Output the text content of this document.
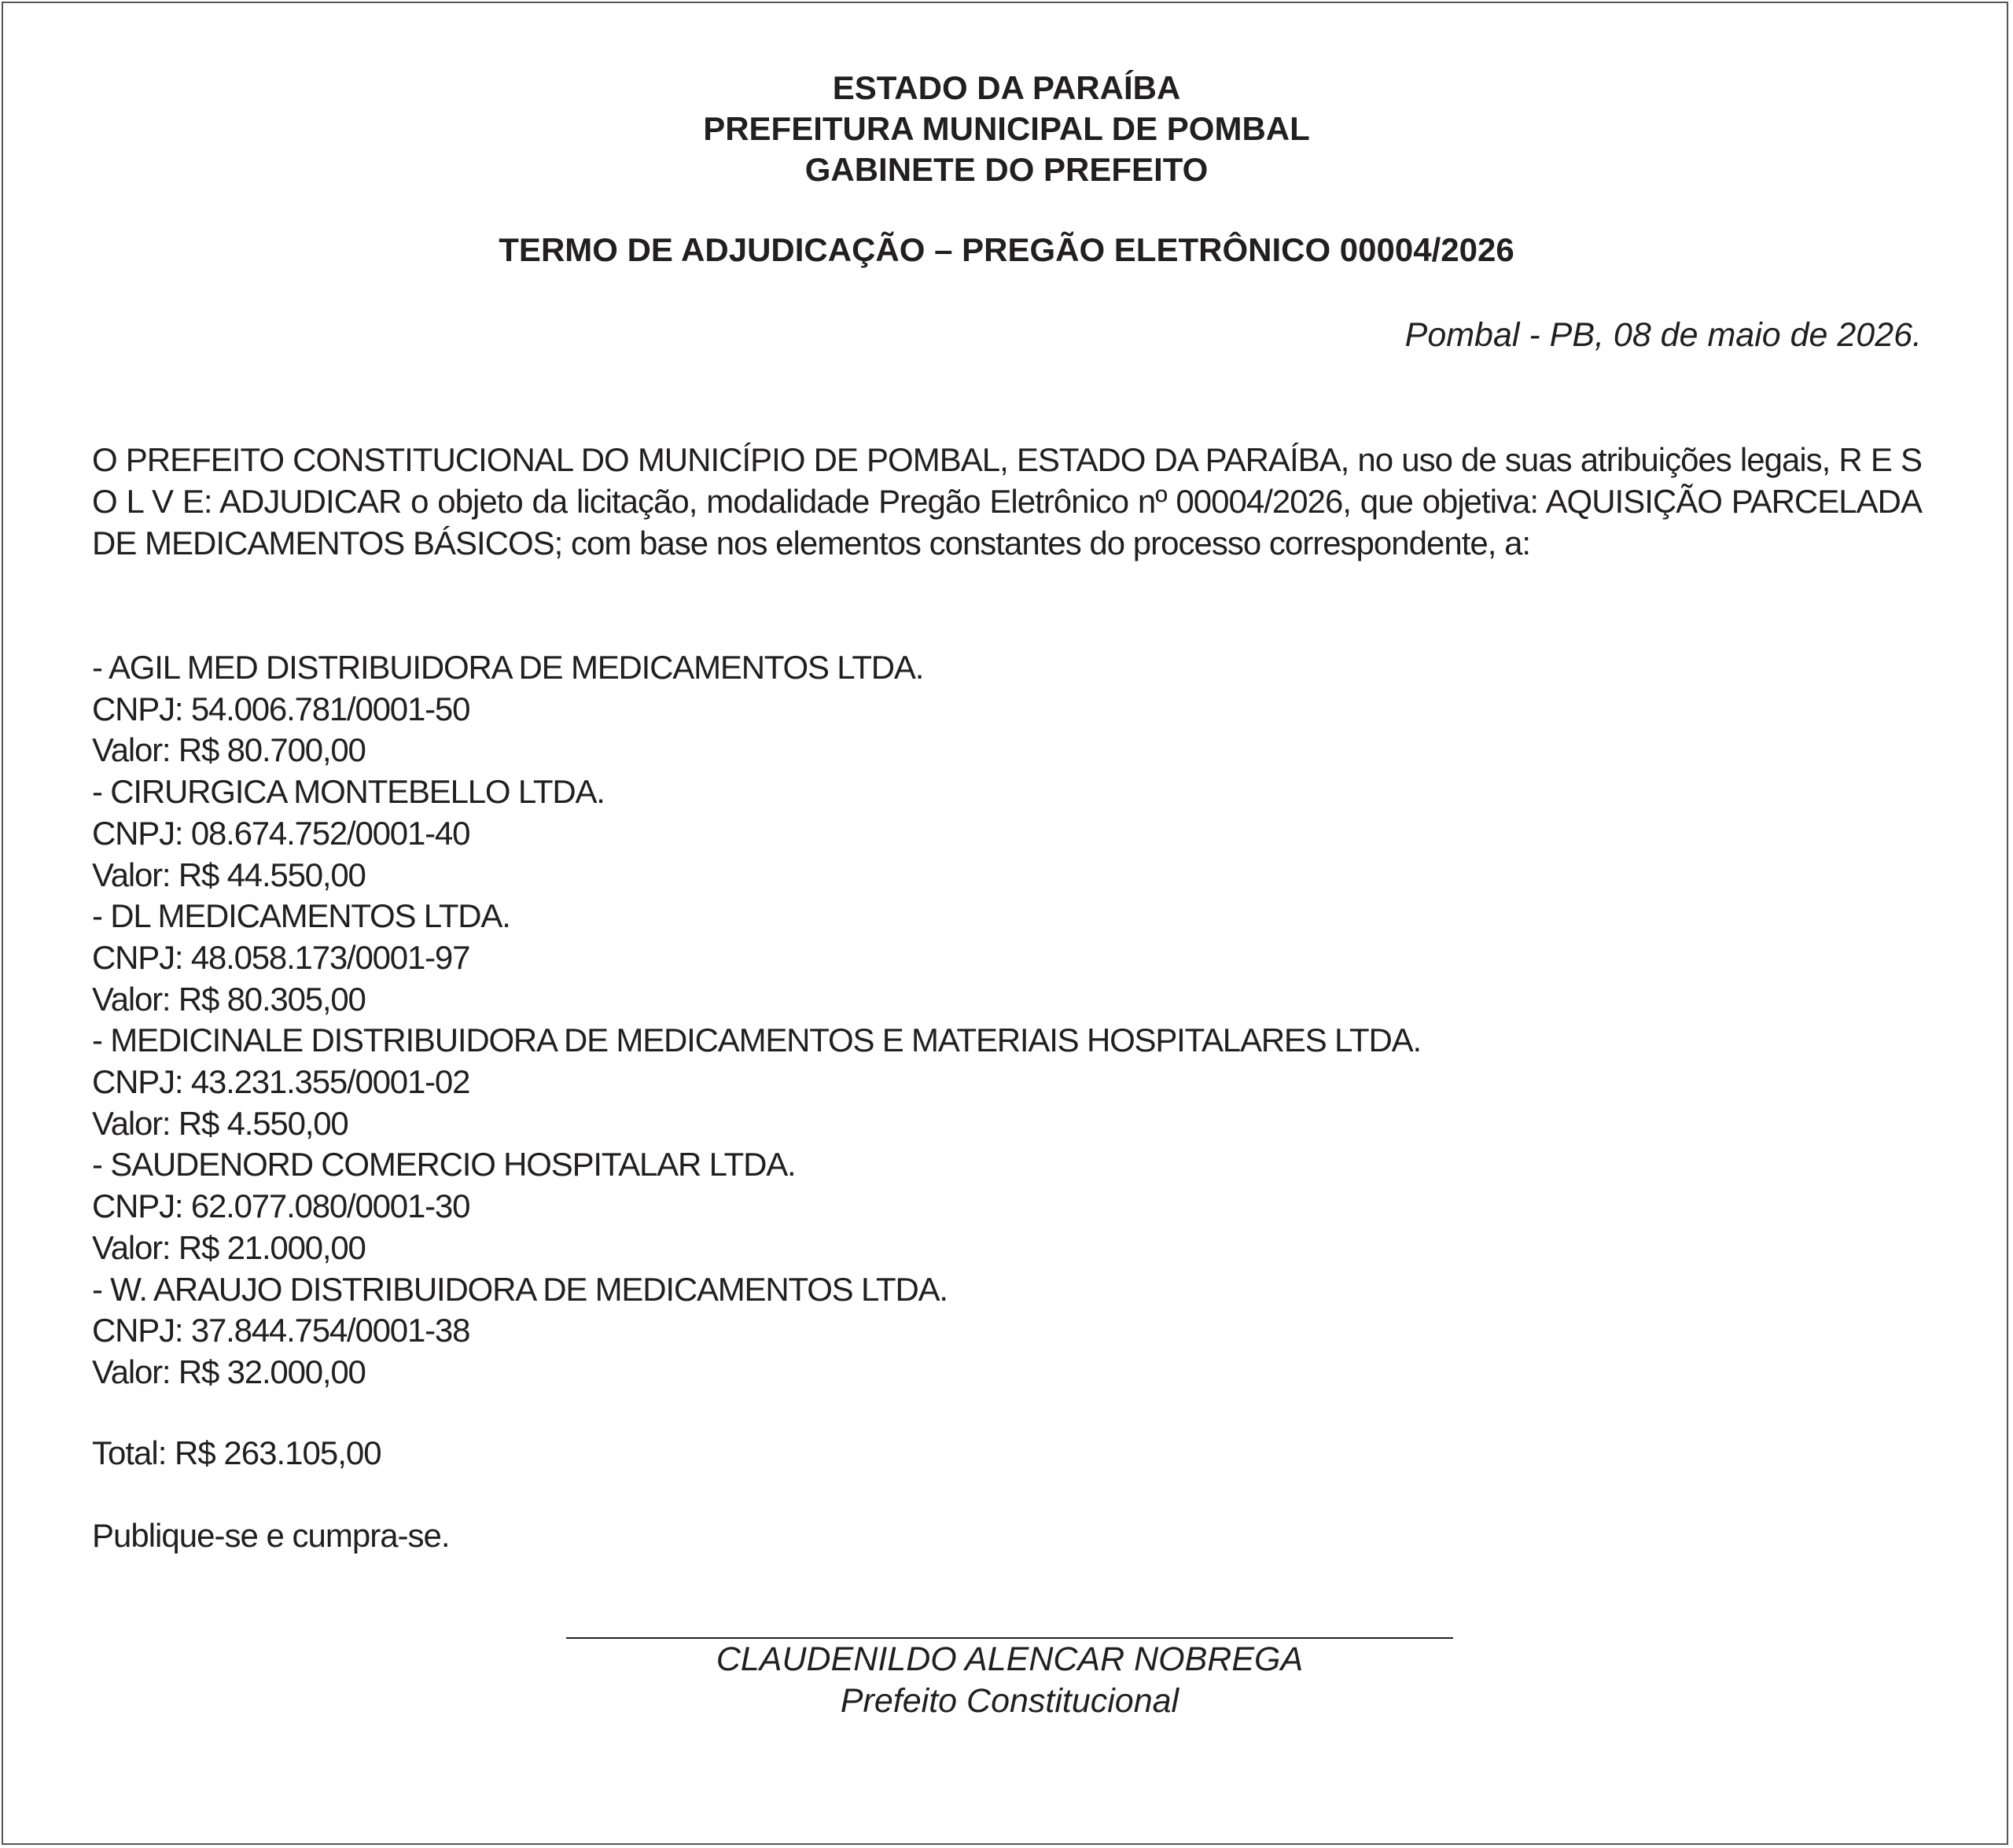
ESTADO DA PARAÍBA
PREFEITURA MUNICIPAL DE POMBAL
GABINETE DO PREFEITO
TERMO DE ADJUDICAÇÃO – PREGÃO ELETRÔNICO 00004/2026
Pombal - PB, 08 de maio de 2026.
O PREFEITO CONSTITUCIONAL DO MUNICÍPIO DE POMBAL, ESTADO DA PARAÍBA, no uso de suas atribuições legais, R E S O L V E: ADJUDICAR o objeto da licitação, modalidade Pregão Eletrônico nº 00004/2026, que objetiva: AQUISIÇÃO PARCELADA DE MEDICAMENTOS BÁSICOS; com base nos elementos constantes do processo correspondente, a:
- AGIL MED DISTRIBUIDORA DE MEDICAMENTOS LTDA.
CNPJ: 54.006.781/0001-50
Valor: R$ 80.700,00
- CIRURGICA MONTEBELLO LTDA.
CNPJ: 08.674.752/0001-40
Valor: R$ 44.550,00
- DL MEDICAMENTOS LTDA.
CNPJ: 48.058.173/0001-97
Valor: R$ 80.305,00
- MEDICINALE DISTRIBUIDORA DE MEDICAMENTOS E MATERIAIS HOSPITALARES LTDA.
CNPJ: 43.231.355/0001-02
Valor: R$ 4.550,00
- SAUDENORD COMERCIO HOSPITALAR LTDA.
CNPJ: 62.077.080/0001-30
Valor: R$ 21.000,00
- W. ARAUJO DISTRIBUIDORA DE MEDICAMENTOS LTDA.
CNPJ: 37.844.754/0001-38
Valor: R$ 32.000,00
Total: R$ 263.105,00
Publique-se e cumpra-se.
CLAUDENILDO ALENCAR NOBREGA
Prefeito Constitucional
